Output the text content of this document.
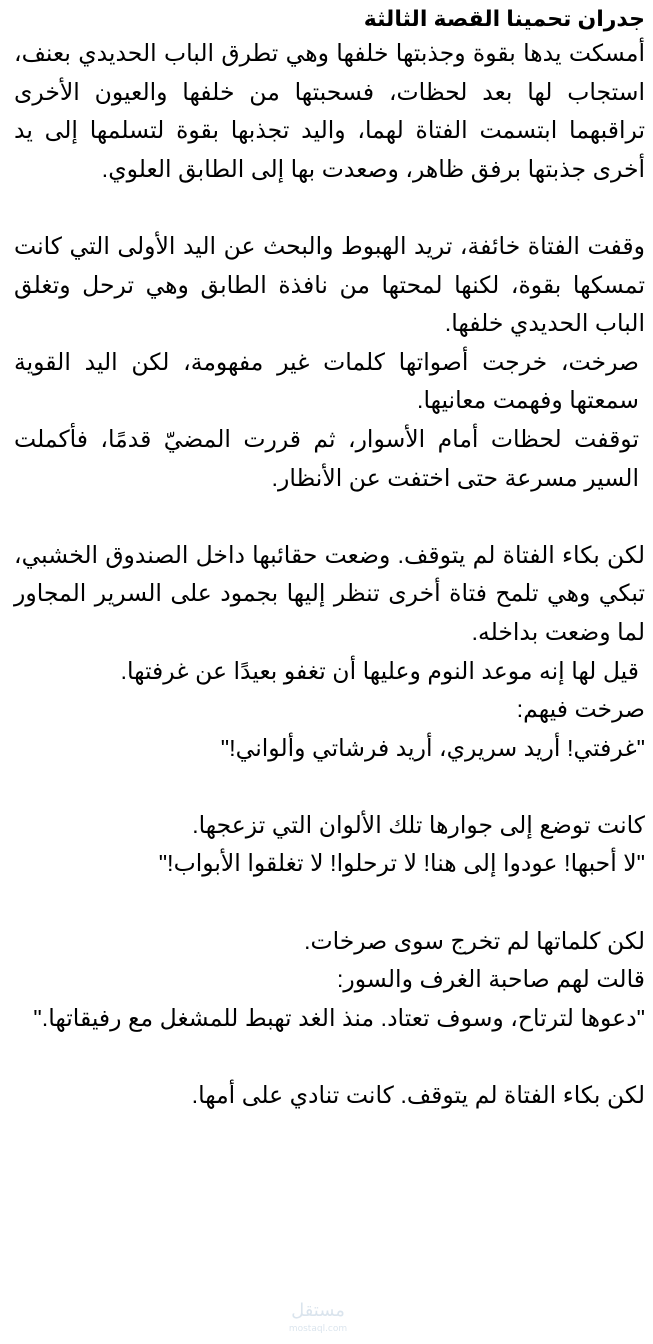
جدران تحمينا القصة الثالثة

أمسكت يدها بقوة وجذبتها خلفها وهي تطرق الباب الحديدي بعنف، استجاب لها بعد لحظات، فسحبتها من خلفها والعيون الأخرى تراقبهما ابتسمت الفتاة لهما، واليد تجذبها بقوة لتسلمها إلى يد أخرى جذبتها برفق ظاهر، وصعدت بها إلى الطابق العلوي.

وقفت الفتاة خائفة، تريد الهبوط والبحث عن اليد الأولى التي كانت تمسكها بقوة، لكنها لمحتها من نافذة الطابق وهي ترحل وتغلق الباب الحديدي خلفها.

صرخت، خرجت أصواتها كلمات غير مفهومة، لكن اليد القوية سمعتها وفهمت معانيها.

توقفت لحظات أمام الأسوار، ثم قررت المضيّ قدمًا، فأكملت السير مسرعة حتى اختفت عن الأنظار.

لكن بكاء الفتاة لم يتوقف. وضعت حقائبها داخل الصندوق الخشبي، تبكي وهي تلمح فتاة أخرى تنظر إليها بجمود على السرير المجاور لما وضعت بداخله.

قيل لها إنه موعد النوم وعليها أن تغفو بعيدًا عن غرفتها.

صرخت فيهم:

"غرفتي! أريد سريري، أريد فرشاتي وألواني!"

كانت توضع إلى جوارها تلك الألوان التي تزعجها.

"لا أحبها! عودوا إلى هنا! لا ترحلوا! لا تغلقوا الأبواب!"

لكن كلماتها لم تخرج سوى صرخات.

قالت لهم صاحبة الغرف والسور:

"دعوها لترتاح، وسوف تعتاد. منذ الغد تهبط للمشغل مع رفيقاتها."

لكن بكاء الفتاة لم يتوقف. كانت تنادي على أمها.

مستقل
mostaql.com
